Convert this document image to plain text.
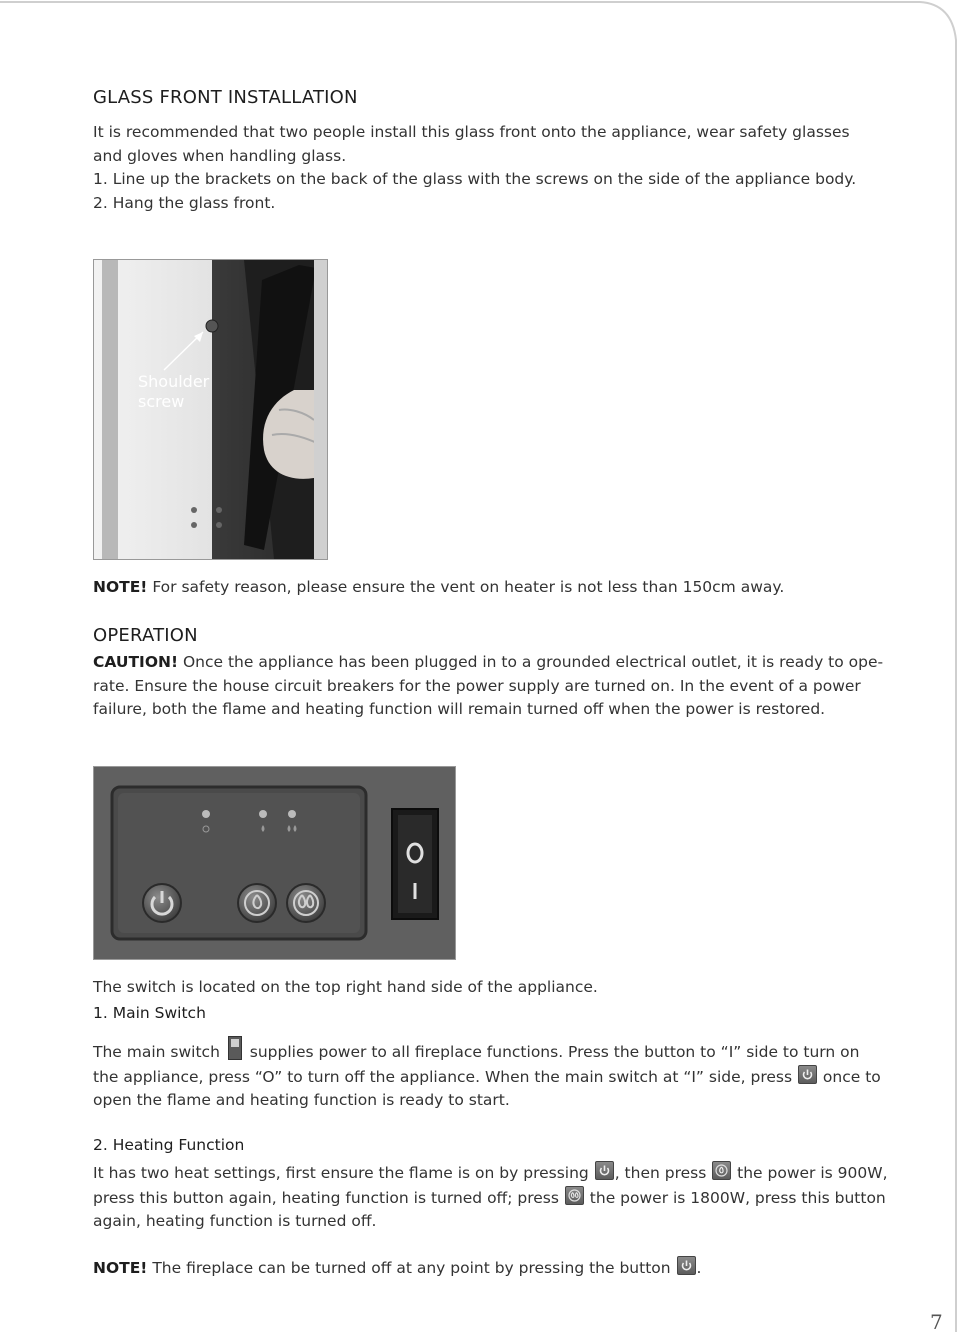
GLASS FRONT INSTALLATION
It is recommended that two people install this glass front onto the appliance, wear safety glasses
and gloves when handling glass.
1. Line up the brackets on the back of the glass with the screws on the side of the appliance body.
2. Hang the glass front.
Shoulder
screw
NOTE! For safety reason, please ensure the vent on heater is not less than 150cm away.
OPERATION
CAUTION! Once the appliance has been plugged in to a grounded electrical outlet, it is ready to ope-
rate. Ensure the house circuit breakers for the power supply are turned on. In the event of a power
failure, both the flame and heating function will remain turned off when the power is restored.
The switch is located on the top right hand side of the appliance.
1. Main Switch
The main switch
supplies power to all fireplace functions. Press the button to “I” side to turn on
the appliance, press “O” to turn off the appliance. When the main switch at “I” side, press
once to
open the flame and heating function is ready to start.
2. Heating Function
It has two heat settings, first ensure the flame is on by pressing
, then press
the power is 900W,
press this button again, heating function is turned off; press
the power is 1800W, press this button
again, heating function is turned off.
NOTE! The fireplace can be turned off at any point by pressing the button
.
7
